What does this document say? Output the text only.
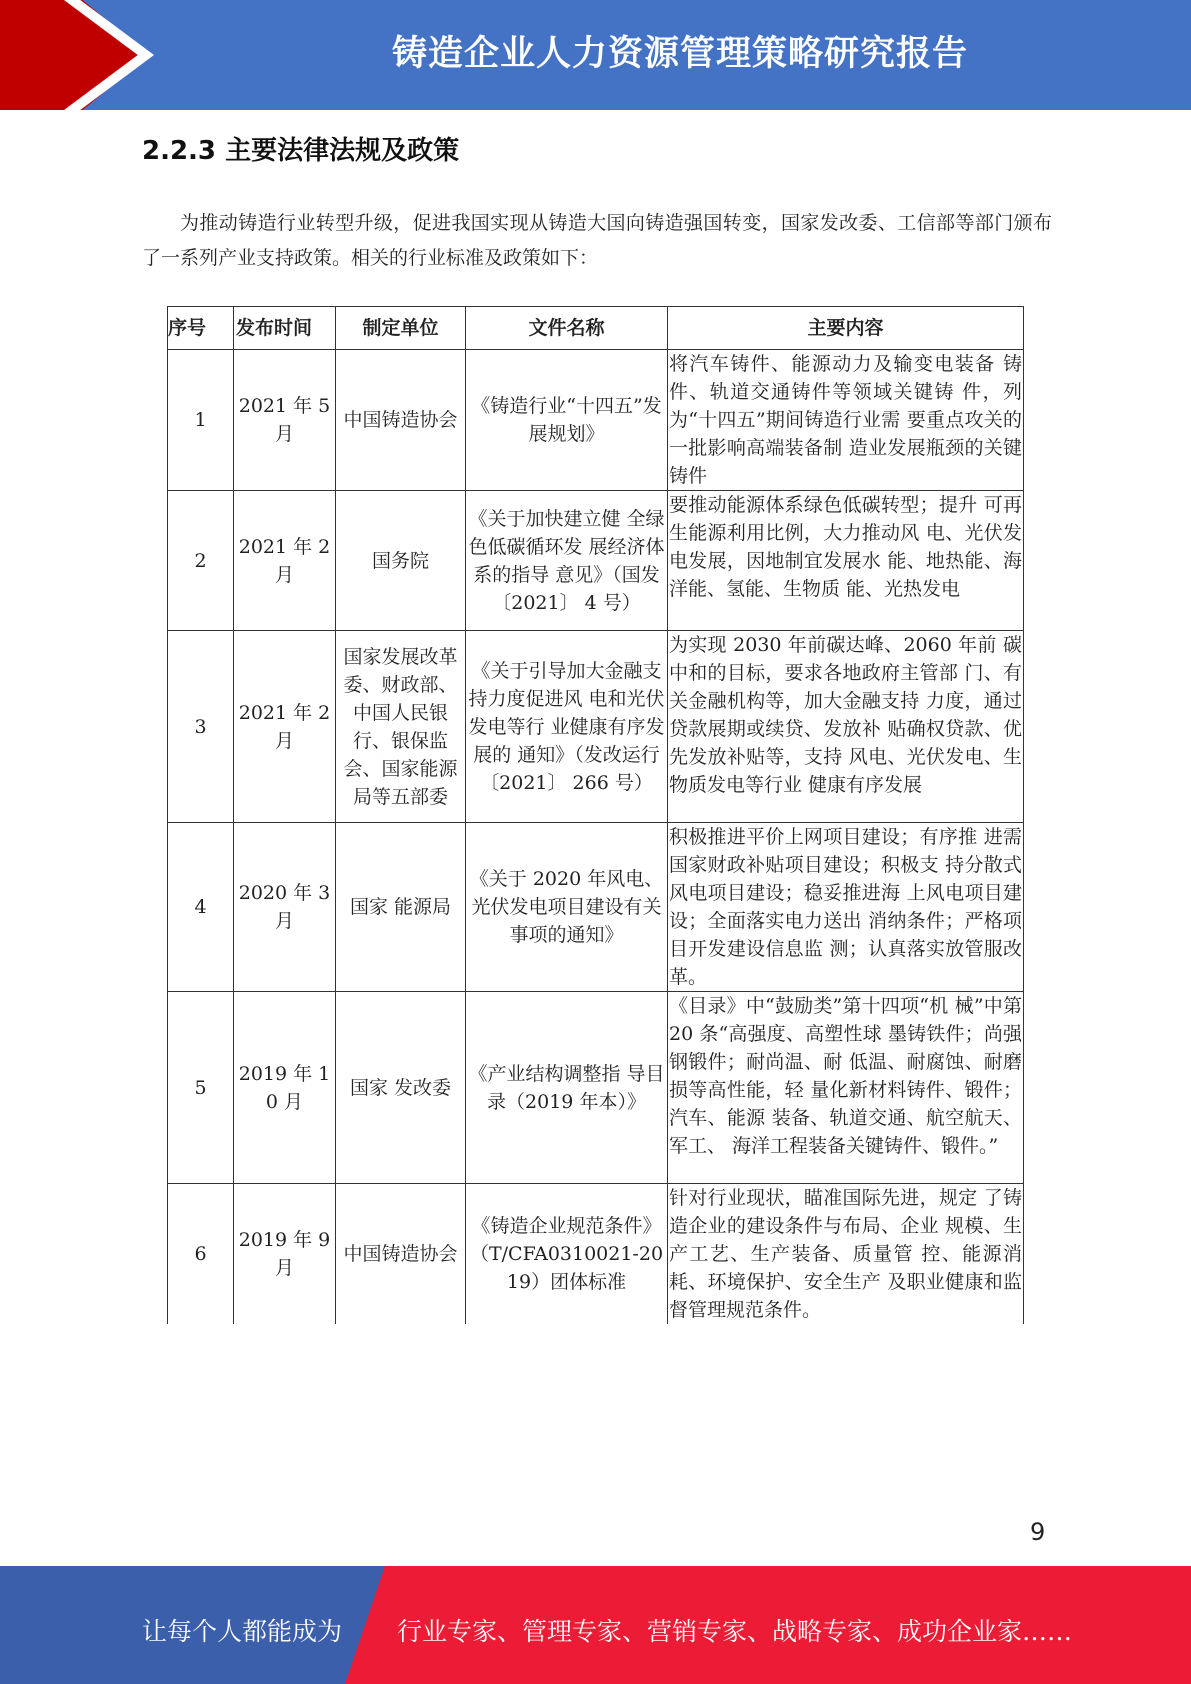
铸造企业人力资源管理策略研究报告
2.2.3 主要法律法规及政策
为推动铸造行业转型升级，促进我国实现从铸造大国向铸造强国转变，国家发改委、工信部等部门颁布了一系列产业支持政策。相关的行业标准及政策如下：
序号	发布时间	制定单位	文件名称	主要内容
1	2021 年 5 月	中国铸造协会	《铸造行业“十四五”发展规划》	将汽车铸件、能源动力及输变电装备 铸件、轨道交通铸件等领域关键铸 件，列为“十四五”期间铸造行业需 要重点攻关的一批影响高端装备制 造业发展瓶颈的关键铸件
2	2021 年 2 月	国务院	《关于加快建立健 全绿色低碳循环发 展经济体系的指导 意见》（国发〔2021〕 4 号）	要推动能源体系绿色低碳转型；提升 可再生能源利用比例，大力推动风 电、光伏发电发展，因地制宜发展水 能、地热能、海洋能、氢能、生物质 能、光热发电
3	2021 年 2 月	国家发展改革委、财政部、中国人民银行、银保监会、国家能源局等五部委	《关于引导加大金融支持力度促进风 电和光伏发电等行 业健康有序发展的 通知》（发改运行〔2021〕 266 号）	为实现 2030 年前碳达峰、2060 年前 碳中和的目标，要求各地政府主管部 门、有关金融机构等，加大金融支持 力度，通过贷款展期或续贷、发放补 贴确权贷款、优先发放补贴等，支持 风电、光伏发电、生物质发电等行业 健康有序发展
4	2020 年 3 月	国家 能源局	《关于 2020 年风电、光伏发电项目建设有关事项的通知》	积极推进平价上网项目建设；有序推 进需国家财政补贴项目建设；积极支 持分散式风电项目建设；稳妥推进海 上风电项目建设；全面落实电力送出 消纳条件；严格项目开发建设信息监 测；认真落实放管服改革。
5	2019 年 10 月	国家 发改委	《产业结构调整指 导目录（2019 年本）》	《目录》中“鼓励类”第十四项“机 械”中第 20 条“高强度、高塑性球 墨铸铁件；尚强钢锻件；耐尚温、耐 低温、耐腐蚀、耐磨损等高性能，轻 量化新材料铸件、锻件；汽车、能源 装备、轨道交通、航空航天、军工、 海洋工程装备关键铸件、锻件。”
6	2019 年 9 月	中国铸造协会	《铸造企业规范条件》（T/CFA0310021-2019）团体标准	针对行业现状，瞄准国际先进，规定 了铸造企业的建设条件与布局、企业 规模、生产工艺、生产装备、质量管 控、能源消耗、环境保护、安全生产 及职业健康和监督管理规范条件。
9
让每个人都能成为 行业专家、管理专家、营销专家、战略专家、成功企业家……
